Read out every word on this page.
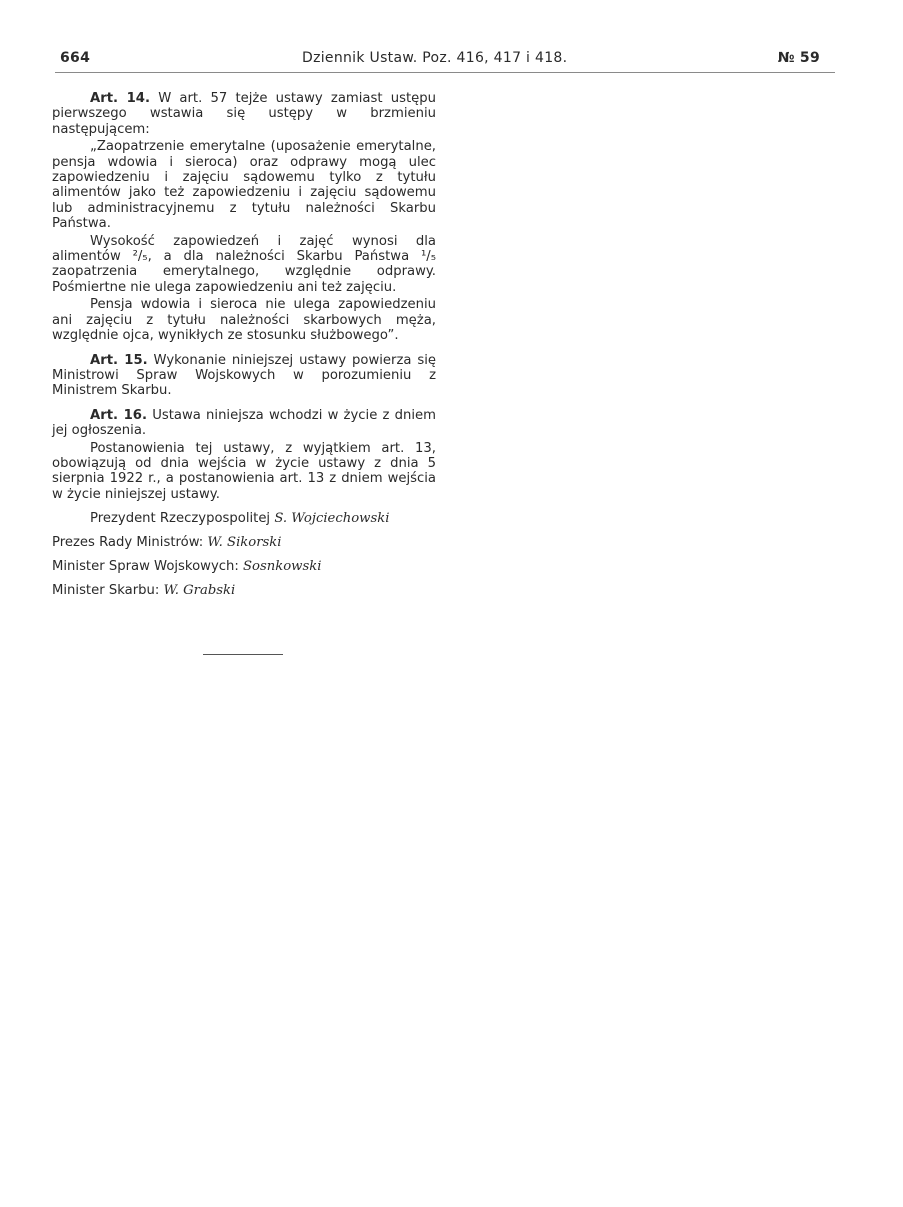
664	Dziennik Ustaw. Poz. 416, 417 i 418.	№ 59

Art. 14. W art. 57 tejże ustawy zamiast ustępu pierwszego wstawia się ustępy w brzmieniu następującem:

„Zaopatrzenie emerytalne (uposażenie emerytalne, pensja wdowia i sieroca) oraz odprawy mogą ulec zapowiedzeniu i zajęciu sądowemu tylko z tytułu alimentów jako też zapowiedzeniu i zajęciu sądowemu lub administracyjnemu z tytułu należności Skarbu Państwa.

Wysokość zapowiedzeń i zajęć wynosi dla alimentów ²/₅, a dla należności Skarbu Państwa ¹/₅ zaopatrzenia emerytalnego, względnie odprawy. Pośmiertne nie ulega zapowiedzeniu ani też zajęciu.

Pensja wdowia i sieroca nie ulega zapowiedzeniu ani zajęciu z tytułu należności skarbowych męża, względnie ojca, wynikłych ze stosunku służbowego”.

Art. 15. Wykonanie niniejszej ustawy powierza się Ministrowi Spraw Wojskowych w porozumieniu z Ministrem Skarbu.

Art. 16. Ustawa niniejsza wchodzi w życie z dniem jej ogłoszenia.

Postanowienia tej ustawy, z wyjątkiem art. 13, obowiązują od dnia wejścia w życie ustawy z dnia 5 sierpnia 1922 r., a postanowienia art. 13 z dniem wejścia w życie niniejszej ustawy.

Prezydent Rzeczypospolitej S. Wojciechowski
Prezes Rady Ministrów: W. Sikorski
Minister Spraw Wojskowych: Sosnkowski
Minister Skarbu: W. Grabski
